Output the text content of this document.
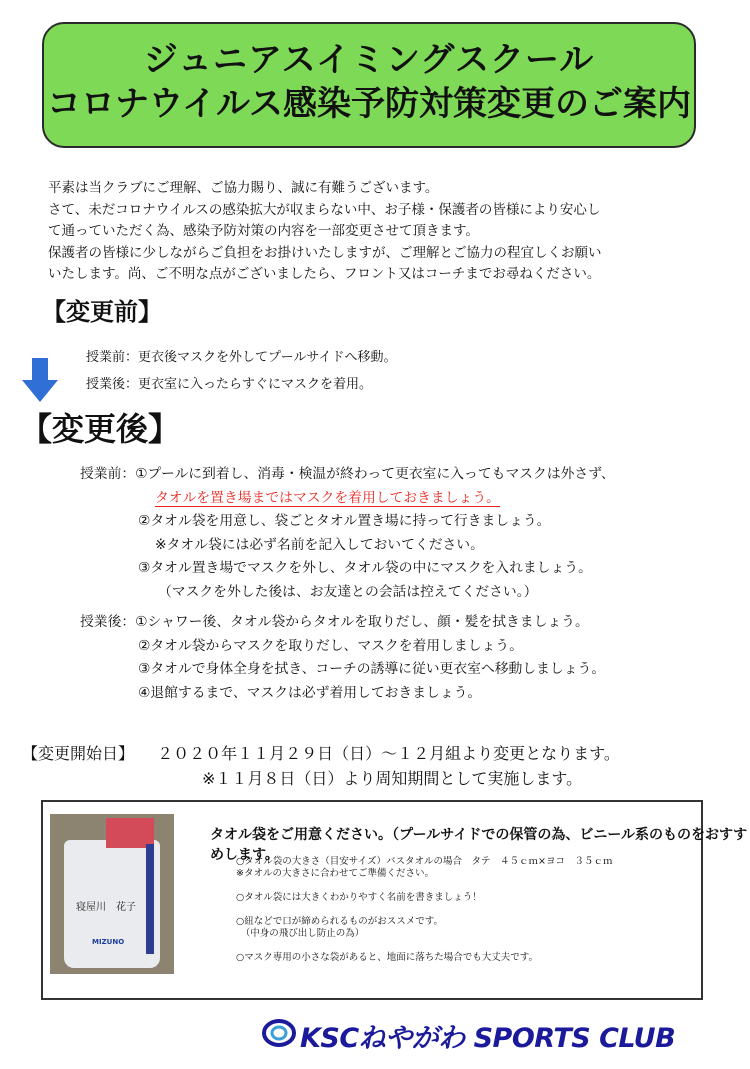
ジュニアスイミングスクール
コロナウイルス感染予防対策変更のご案内

平素は当クラブにご理解、ご協力賜り、誠に有難うございます。

さて、未だコロナウイルスの感染拡大が収まらない中、お子様・保護者の皆様により安心し

て通っていただく為、感染予防対策の内容を一部変更させて頂きます。

保護者の皆様に少しながらご負担をお掛けいたしますが、ご理解とご協力の程宜しくお願い

いたします。尚、ご不明な点がございましたら、フロント又はコーチまでお尋ねください。

【変更前】

授業前：更衣後マスクを外してプールサイドへ移動。

授業後：更衣室に入ったらすぐにマスクを着用。

【変更後】

授業前：①プールに到着し、消毒・検温が終わって更衣室に入ってもマスクは外さず、

タオルを置き場まではマスクを着用しておきましょう。

②タオル袋を用意し、袋ごとタオル置き場に持って行きましょう。

※タオル袋には必ず名前を記入しておいてください。

③タオル置き場でマスクを外し、タオル袋の中にマスクを入れましょう。

（マスクを外した後は、お友達との会話は控えてください。）

授業後：①シャワー後、タオル袋からタオルを取りだし、顔・髪を拭きましょう。

②タオル袋からマスクを取りだし、マスクを着用しましょう。

③タオルで身体全身を拭き、コーチの誘導に従い更衣室へ移動しましょう。

④退館するまで、マスクは必ず着用しておきましょう。

【変更開始日】 ２０２０年１１月２９日（日）～１２月組より変更となります。

※１１月８日（日）より周知期間として実施します。

寝屋川　花子
MIZUNO
タオル袋をご用意ください。（プールサイドでの保管の為、ビニール系のものをおすすめします。

○タオル袋の大きさ（目安サイズ）バスタオルの場合　タテ　４５ｃｍ×ヨコ　３５ｃｍ

※タオルの大きさに合わせてご準備ください。

○タオル袋には大きくわかりやすく名前を書きましょう！

○紐などで口が締められるものがおススメです。

　（中身の飛び出し防止の為）

○マスク専用の小さな袋があると、地面に落ちた場合でも大丈夫です。

KSCねやがわ SPORTS CLUB
